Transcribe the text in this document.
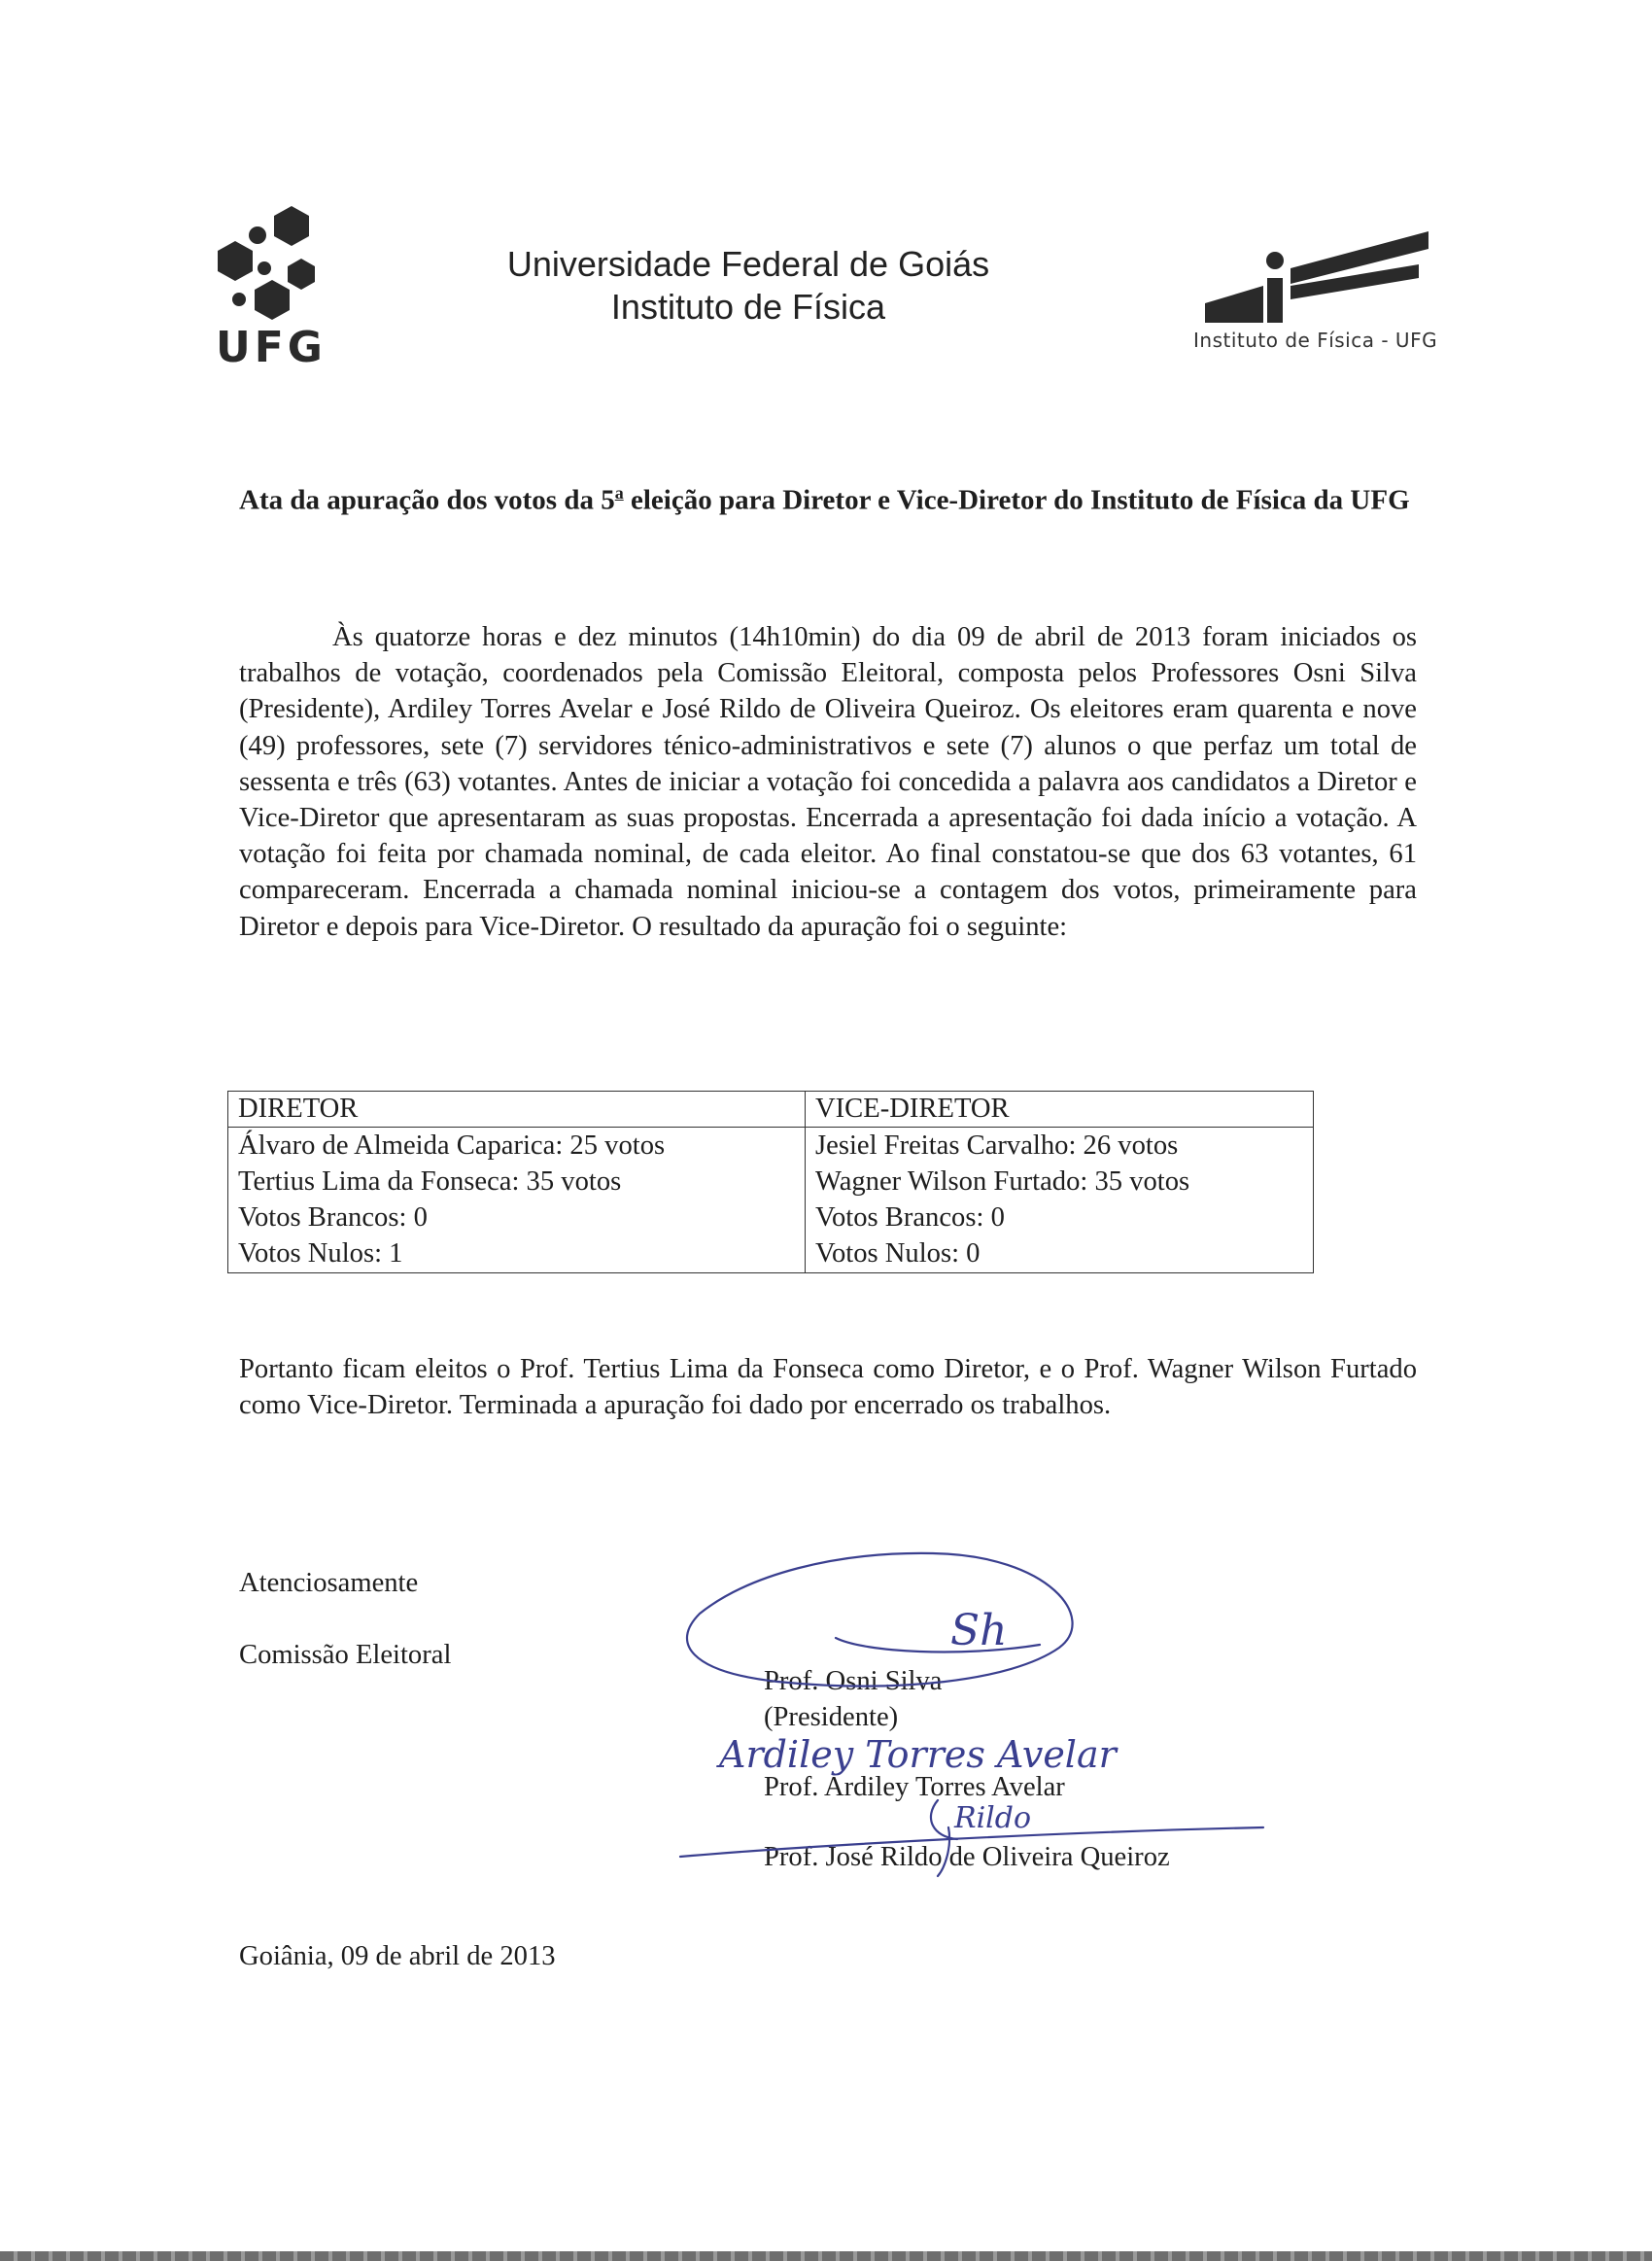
UFG
Universidade Federal de Goiás
Instituto de Física
Instituto de Física - UFG
Ata da apuração dos votos da 5$^a$ eleição para Diretor e Vice-Diretor do Instituto de Física da UFG
Às quatorze horas e dez minutos (14h10min) do dia 09 de abril de 2013 foram iniciados os trabalhos de votação, coordenados pela Comissão Eleitoral, composta pelos Professores Osni Silva (Presidente), Ardiley Torres Avelar e José Rildo de Oliveira Queiroz. Os eleitores eram quarenta e nove (49) professores, sete (7) servidores ténico-administrativos e sete (7) alunos o que perfaz um total de sessenta e três (63) votantes. Antes de iniciar a votação foi concedida a palavra aos candidatos a Diretor e Vice-Diretor que apresentaram as suas propostas. Encerrada a apresentação foi dada início a votação. A votação foi feita por chamada nominal, de cada eleitor. Ao final constatou-se que dos 63 votantes, 61 compareceram. Encerrada a chamada nominal iniciou-se a contagem dos votos, primeiramente para Diretor e depois para Vice-Diretor. O resultado da apuração foi o seguinte:
DIRETOR
Álvaro de Almeida Caparica: 25 votos
Tertius Lima da Fonseca: 35 votos
Votos Brancos: 0
Votos Nulos: 1
VICE-DIRETOR
Jesiel Freitas Carvalho: 26 votos
Wagner Wilson Furtado: 35 votos
Votos Brancos: 0
Votos Nulos: 0
Portanto ficam eleitos o Prof. Tertius Lima da Fonseca como Diretor, e o Prof. Wagner Wilson Furtado como Vice-Diretor. Terminada a apuração foi dado por encerrado os trabalhos.
Atenciosamente
Comissão Eleitoral
Goiânia, 09 de abril de 2013
Prof. Osni Silva
(Presidente)
Prof. Ardiley Torres Avelar
Prof. José Rildo de Oliveira Queiroz
Sh
Ardiley Torres Avelar
Rildo
